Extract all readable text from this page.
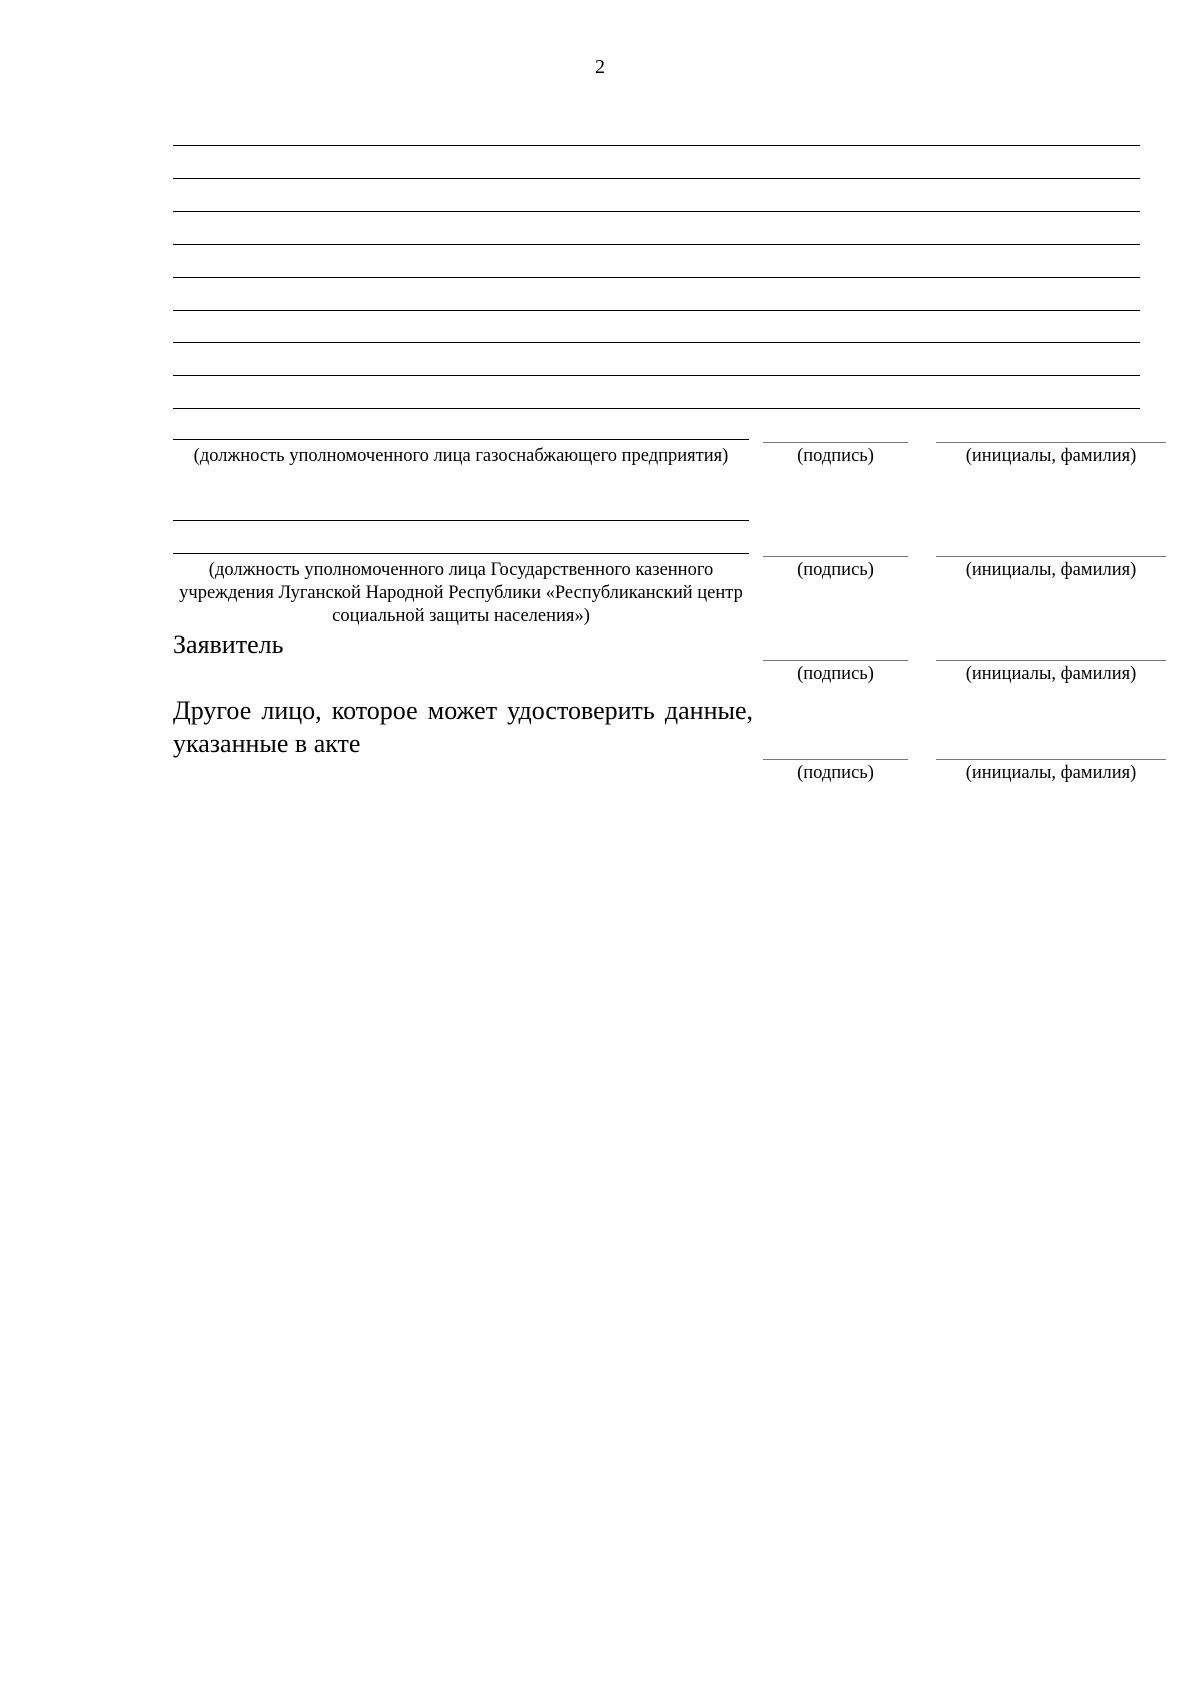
2
(должность уполномоченного лица газоснабжающего предприятия)	(подпись)	(инициалы, фамилия)
(должность уполномоченного лица Государственного казенного учреждения Луганской Народной Республики «Республиканский центр социальной защиты населения»)
(подпись)	(инициалы, фамилия)
Заявитель
(подпись)	(инициалы, фамилия)
Другое лицо, которое может удостоверить данные, указанные в акте
(подпись)	(инициалы, фамилия)
